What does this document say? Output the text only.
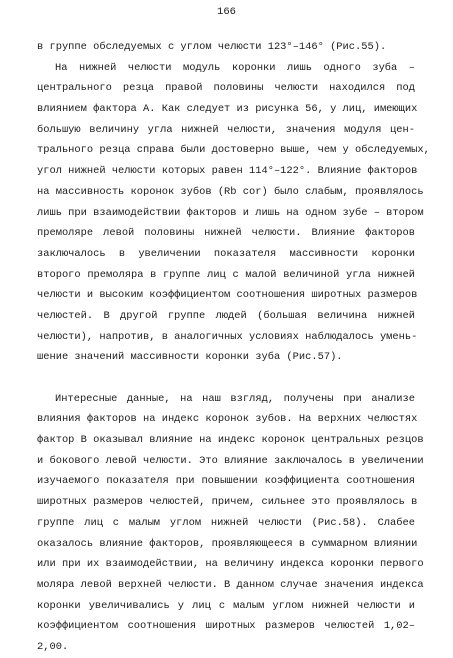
166
в группе обследуемых с углом челюсти 123°–146° (Рис.55).
На нижней челюсти модуль коронки лишь одного зуба –
центрального резца правой половины челюсти находился под
влиянием фактора А. Как следует из рисунка 56, у лиц, имеющих
большую величину угла нижней челюсти, значения модуля цен-
трального резца справа были достоверно выше, чем у обследуемых,
угол нижней челюсти которых равен 114°–122°. Влияние факторов
на массивность коронок зубов (Rb cor) было слабым, проявлялось
лишь при взаимодействии факторов и лишь на одном зубе – втором
премоляре левой половины нижней челюсти. Влияние факторов
заключалось в увеличении показателя массивности коронки
второго премоляра в группе лиц с малой величиной угла нижней
челюсти и высоким коэффициентом соотношения широтных размеров
челюстей. В другой группе людей (большая величина нижней
челюсти), напротив, в аналогичных условиях наблюдалось умень-
шение значений массивности коронки зуба (Рис.57).
Интересные данные, на наш взгляд, получены при анализе
влияния факторов на индекс коронок зубов. На верхних челюстях
фактор В оказывал влияние на индекс коронок центральных резцов
и бокового левой челюсти. Это влияние заключалось в увеличении
изучаемого показателя при повышении коэффициента соотношения
широтных размеров челюстей, причем, сильнее это проявлялось в
группе лиц с малым углом нижней челюсти (Рис.58). Слабее
оказалось влияние факторов, проявляющееся в суммарном влиянии
или при их взаимодействии, на величину индекса коронки первого
моляра левой верхней челюсти. В данном случае значения индекса
коронки увеличивались у лиц с малым углом нижней челюсти и
коэффициентом соотношения широтных размеров челюстей 1,02–
2,00.
